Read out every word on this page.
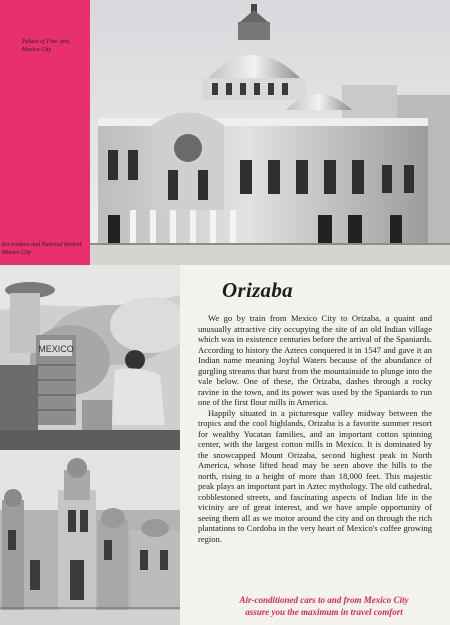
Palace of Fine Arts, Mexico City
ket vendors and National thedral, Mexico City
MEXICO
Orizaba

We go by train from Mexico City to Orizaba, a quaint and unusually attractive city occupying the site of an old Indian village which was in existence centuries before the arrival of the Spaniards. According to history the Aztecs conquered it in 1547 and gave it an Indian name meaning Joyful Waters because of the abundance of gurgling streams that burst from the mountainside to plunge into the vale below. One of these, the Orizaba, dashes through a rocky ravine in the town, and its power was used by the Spaniards to run one of the first flour mills in America.

Happily situated in a picturesque valley midway between the tropics and the cool highlands, Orizaba is a favorite summer resort for wealthy Yucatan families, and an important cotton spinning center, with the largest cotton mills in Mexico. It is dominated by the snowcapped Mount Orizaba, second highest peak in North America, whose lifted head may be seen above the hills to the north, rising to a height of more than 18,000 feet. This majestic peak plays an important part in Aztec mythology. The old cathedral, cobblestoned streets, and fascinating aspects of Indian life in the vicinity are of great interest, and we have ample opportunity of seeing them all as we motor around the city and on through the rich plantations to Cordoba in the very heart of Mexico's coffee growing region.

Air-conditioned cars to and from Mexico City
assure you the maximum in travel comfort
